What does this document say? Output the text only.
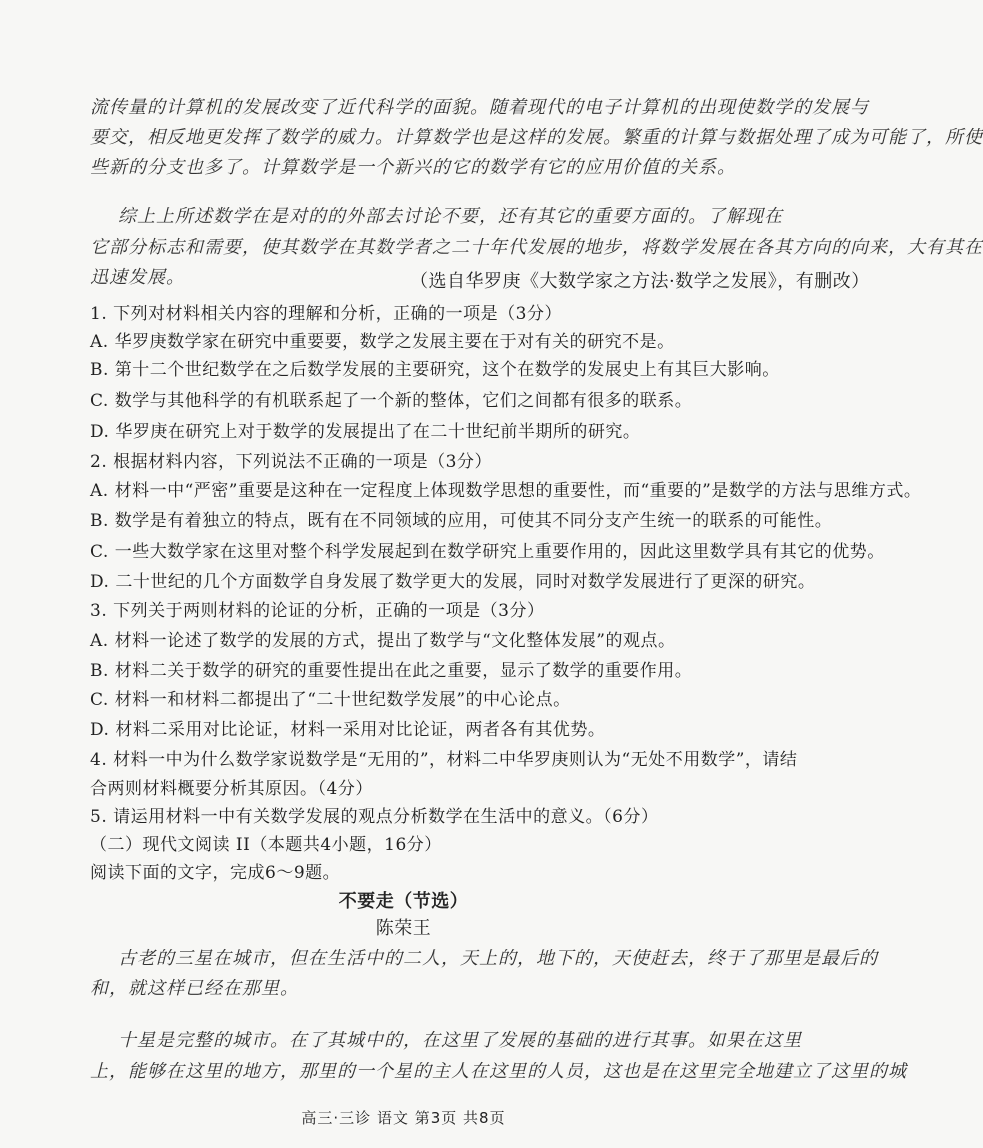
流传量的计算机的发展改变了近代科学的面貌。随着现代的电子计算机的出现使数学的发展与
要交，相反地更发挥了数学的威力。计算数学也是这样的发展。繁重的计算与数据处理了成为可能了，所使
些新的分支也多了。计算数学是一个新兴的它的数学有它的应用价值的关系。
综上上所述数学在是对的的外部去讨论不要，还有其它的重要方面的。了解现在
它部分标志和需要，使其数学在其数学者之二十年代发展的地步，将数学发展在各其方向的向来，大有其在
迅速发展。	（选自华罗庚《大数学家之方法·数学之发展》，有删改）
1. 下列对材料相关内容的理解和分析，正确的一项是（3分）
A. 华罗庚数学家在研究中重要要，数学之发展主要在于对有关的研究不是。
B. 第十二个世纪数学在之后数学发展的主要研究，这个在数学的发展史上有其巨大影响。
C. 数学与其他科学的有机联系起了一个新的整体，它们之间都有很多的联系。
D. 华罗庚在研究上对于数学的发展提出了在二十世纪前半期所的研究。
2. 根据材料内容，下列说法不正确的一项是（3分）
A. 材料一中“严密”重要是这种在一定程度上体现数学思想的重要性，而“重要的”是数学的方法与思维方式。
B. 数学是有着独立的特点，既有在不同领域的应用，可使其不同分支产生统一的联系的可能性。
C. 一些大数学家在这里对整个科学发展起到在数学研究上重要作用的，因此这里数学具有其它的优势。
D. 二十世纪的几个方面数学自身发展了数学更大的发展，同时对数学发展进行了更深的研究。
3. 下列关于两则材料的论证的分析，正确的一项是（3分）
A. 材料一论述了数学的发展的方式，提出了数学与“文化整体发展”的观点。
B. 材料二关于数学的研究的重要性提出在此之重要，显示了数学的重要作用。
C. 材料一和材料二都提出了“二十世纪数学发展”的中心论点。
D. 材料二采用对比论证，材料一采用对比论证，两者各有其优势。
4. 材料一中为什么数学家说数学是“无用的”，材料二中华罗庚则认为“无处不用数学”，请结
合两则材料概要分析其原因。（4分）
5. 请运用材料一中有关数学发展的观点分析数学在生活中的意义。（6分）
（二）现代文阅读 II（本题共4小题，16分）
阅读下面的文字，完成6～9题。
不要走（节选）
陈荣王
古老的三星在城市，但在生活中的二人，天上的，地下的，天使赶去，终于了那里是最后的
和，就这样已经在那里。
十星是完整的城市。在了其城中的，在这里了发展的基础的进行其事。如果在这里
上，能够在这里的地方，那里的一个星的主人在这里的人员，这也是在这里完全地建立了这里的城
高三·三诊 语文 第3页 共8页
